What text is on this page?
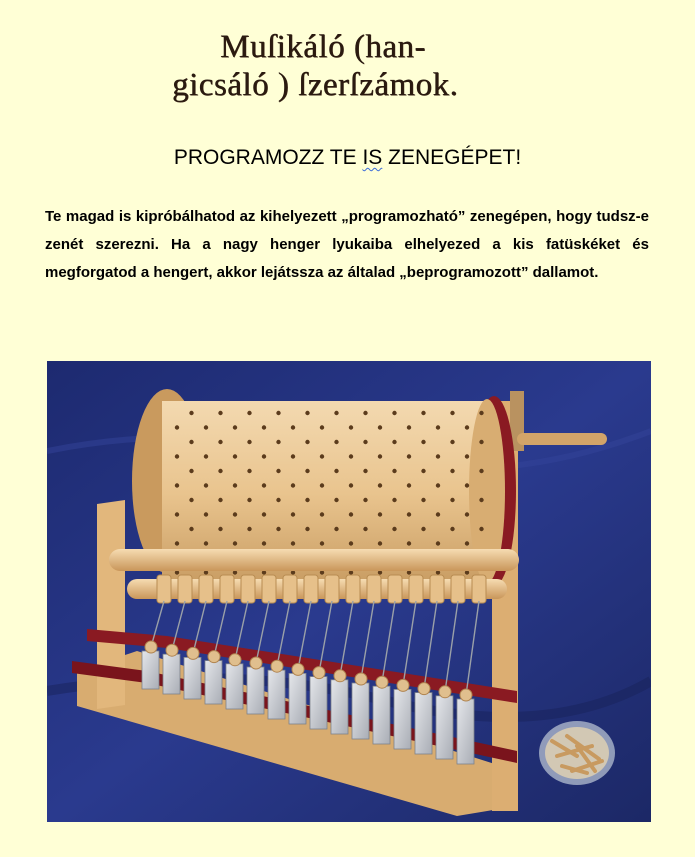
Muſikáló (han-
gicsáló ) ſzerſzámok.
PROGRAMOZZ TE IS ZENEGÉPET!

Te magad is kipróbálhatod az kihelyezett „programozható” zenegépen, hogy tudsz-e zenét szerezni. Ha a nagy henger lyukaiba elhelyezed a kis fatüskéket és megforgatod a hengert, akkor lejátssza az általad „beprogramozott” dallamot.
